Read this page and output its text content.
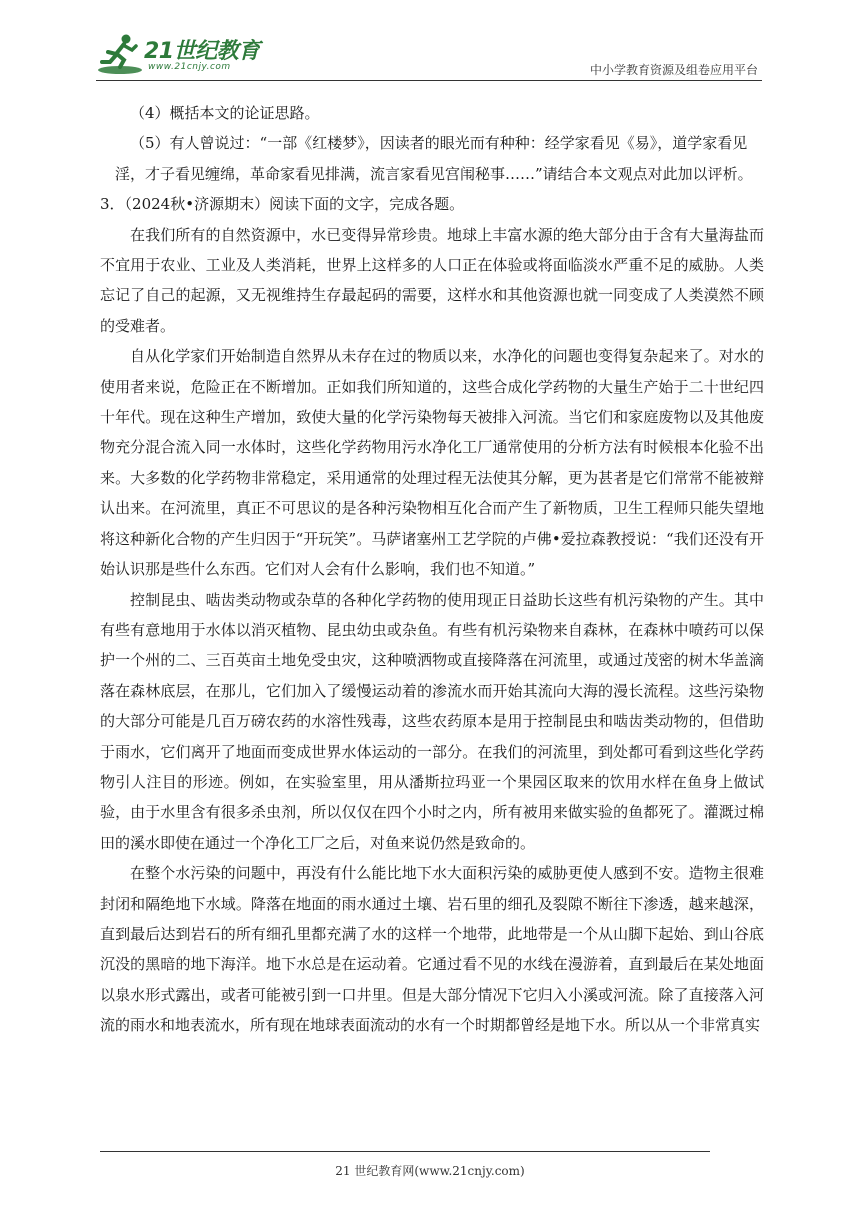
21世纪教育
www.21cnjy.com	中小学教育资源及组卷应用平台

（4）概括本文的论证思路。

（5）有人曾说过：“一部《红楼梦》，因读者的眼光而有种种：经学家看见《易》，道学家看见

淫，才子看见缠绵，革命家看见排满，流言家看见宫闱秘事……”请结合本文观点对此加以评析。

3．（2024秋•济源期末）阅读下面的文字，完成各题。

在我们所有的自然资源中，水已变得异常珍贵。地球上丰富水源的绝大部分由于含有大量海盐而不宜用于农业、工业及人类消耗，世界上这样多的人口正在体验或将面临淡水严重不足的威胁。人类忘记了自己的起源，又无视维持生存最起码的需要，这样水和其他资源也就一同变成了人类漠然不顾的受难者。

自从化学家们开始制造自然界从未存在过的物质以来，水净化的问题也变得复杂起来了。对水的使用者来说，危险正在不断增加。正如我们所知道的，这些合成化学药物的大量生产始于二十世纪四十年代。现在这种生产增加，致使大量的化学污染物每天被排入河流。当它们和家庭废物以及其他废物充分混合流入同一水体时，这些化学药物用污水净化工厂通常使用的分析方法有时候根本化验不出来。大多数的化学药物非常稳定，采用通常的处理过程无法使其分解，更为甚者是它们常常不能被辩认出来。在河流里，真正不可思议的是各种污染物相互化合而产生了新物质，卫生工程师只能失望地将这种新化合物的产生归因于“开玩笑”。马萨诸塞州工艺学院的卢佛•爱拉森教授说：“我们还没有开始认识那是些什么东西。它们对人会有什么影响，我们也不知道。”

控制昆虫、啮齿类动物或杂草的各种化学药物的使用现正日益助长这些有机污染物的产生。其中有些有意地用于水体以消灭植物、昆虫幼虫或杂鱼。有些有机污染物来自森林，在森林中喷药可以保护一个州的二、三百英亩土地免受虫灾，这种喷洒物或直接降落在河流里，或通过茂密的树木华盖滴落在森林底层，在那儿，它们加入了缓慢运动着的渗流水而开始其流向大海的漫长流程。这些污染物的大部分可能是几百万磅农药的水溶性残毒，这些农药原本是用于控制昆虫和啮齿类动物的，但借助于雨水，它们离开了地面而变成世界水体运动的一部分。在我们的河流里，到处都可看到这些化学药物引人注目的形迹。例如，在实验室里，用从潘斯拉玛亚一个果园区取来的饮用水样在鱼身上做试验，由于水里含有很多杀虫剂，所以仅仅在四个小时之内，所有被用来做实验的鱼都死了。灌溉过棉田的溪水即使在通过一个净化工厂之后，对鱼来说仍然是致命的。

在整个水污染的问题中，再没有什么能比地下水大面积污染的威胁更使人感到不安。造物主很难封闭和隔绝地下水域。降落在地面的雨水通过土壤、岩石里的细孔及裂隙不断往下渗透，越来越深，直到最后达到岩石的所有细孔里都充满了水的这样一个地带，此地带是一个从山脚下起始、到山谷底沉没的黑暗的地下海洋。地下水总是在运动着。它通过看不见的水线在漫游着，直到最后在某处地面以泉水形式露出，或者可能被引到一口井里。但是大部分情况下它归入小溪或河流。除了直接落入河流的雨水和地表流水，所有现在地球表面流动的水有一个时期都曾经是地下水。所以从一个非常真实

21 世纪教育网(www.21cnjy.com)
